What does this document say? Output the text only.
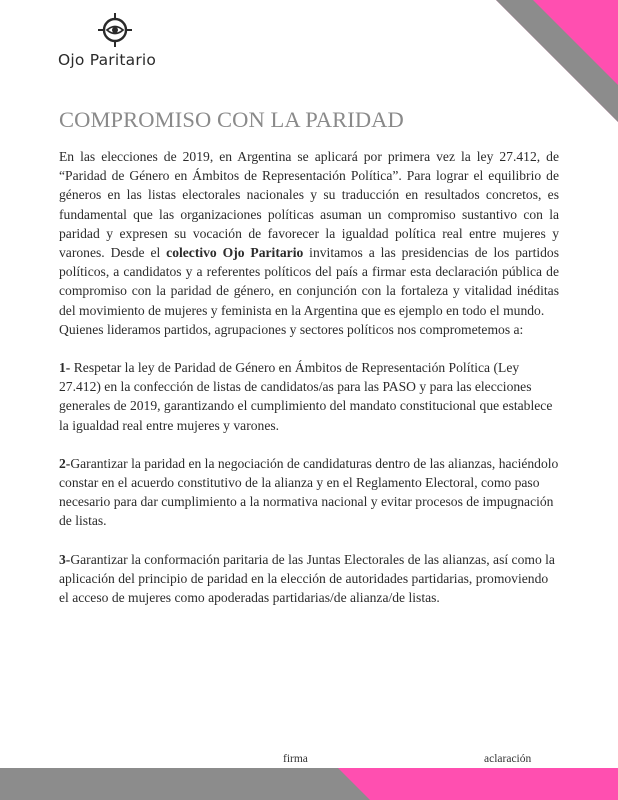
Ojo Paritario
COMPROMISO CON LA PARIDAD

En las elecciones de 2019, en Argentina se aplicará por primera vez la ley 27.412, de “Paridad de Género en Ámbitos de Representación Política”. Para lograr el equilibrio de géneros en las listas electorales nacionales y su traducción en resultados concretos, es fundamental que las organizaciones políticas asuman un compromiso sustantivo con la paridad y expresen su vocación de favorecer la igualdad política real entre mujeres y varones. Desde el colectivo Ojo Paritario invitamos a las presidencias de los partidos políticos, a candidatos y a referentes políticos del país a firmar esta declaración pública de compromiso con la paridad de género, en conjunción con la fortaleza y vitalidad inéditas del movimiento de mujeres y feminista en la Argentina que es ejemplo en todo el mundo.

Quienes lideramos partidos, agrupaciones y sectores políticos nos comprometemos a:

1- Respetar la ley de Paridad de Género en Ámbitos de Representación Política (Ley 27.412) en la confección de listas de candidatos/as para las PASO y para las elecciones generales de 2019, garantizando el cumplimiento del mandato constitucional que establece la igualdad real entre mujeres y varones.

2-Garantizar la paridad en la negociación de candidaturas dentro de las alianzas, haciéndolo constar en el acuerdo constitutivo de la alianza y en el Reglamento Electoral, como paso necesario para dar cumplimiento a la normativa nacional y evitar procesos de impugnación de listas.

3-Garantizar la conformación paritaria de las Juntas Electorales de las alianzas, así como la aplicación del principio de paridad en la elección de autoridades partidarias, promoviendo el acceso de mujeres como apoderadas partidarias/de alianza/de listas.

firma	aclaración
